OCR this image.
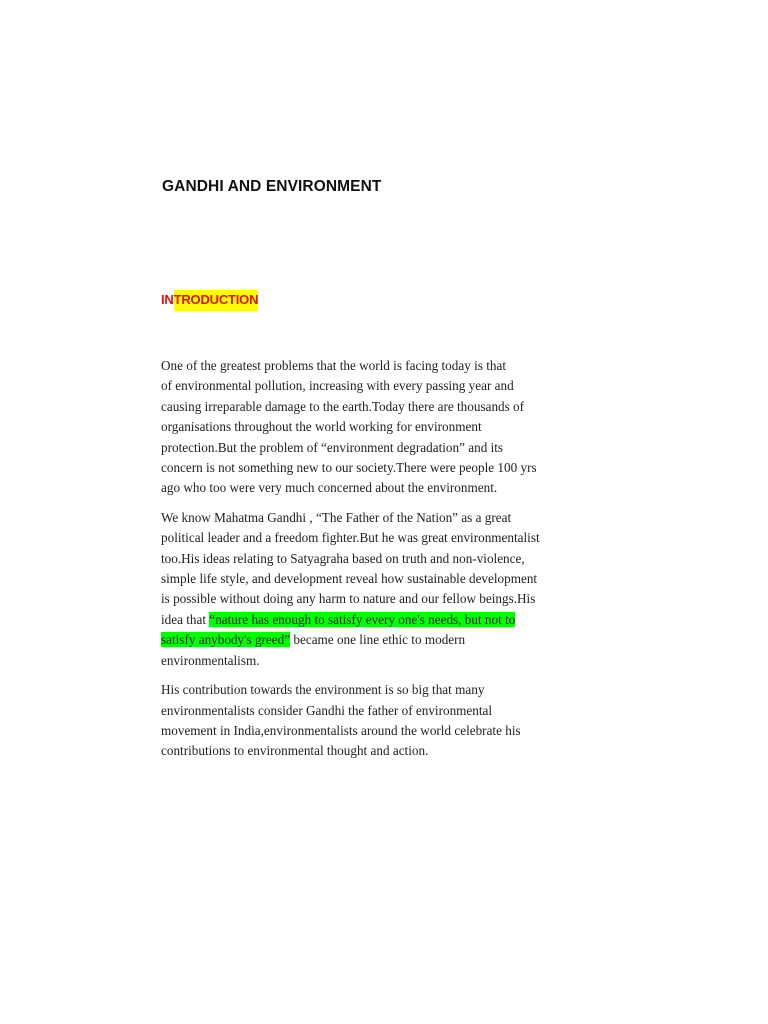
GANDHI AND ENVIRONMENT
INTRODUCTION

One of the greatest problems that the world is facing today is that
of environmental pollution, increasing with every passing year and
causing irreparable damage to the earth.Today there are thousands of
organisations throughout the world working for environment
protection.But the problem of “environment degradation” and its
concern is not something new to our society.There were people 100 yrs
ago who too were very much concerned about the environment.

We know Mahatma Gandhi , “The Father of the Nation” as a great
political leader and a freedom fighter.But he was great environmentalist
too.His ideas relating to Satyagraha based on truth and non-violence,
simple life style, and development reveal how sustainable development
is possible without doing any harm to nature and our fellow beings.His
idea that “nature has enough to satisfy every one's needs, but not to
satisfy anybody's greed” became one line ethic to modern
environmentalism.

His contribution towards the environment is so big that many
environmentalists consider Gandhi the father of environmental
movement in India,environmentalists around the world celebrate his
contributions to environmental thought and action.
